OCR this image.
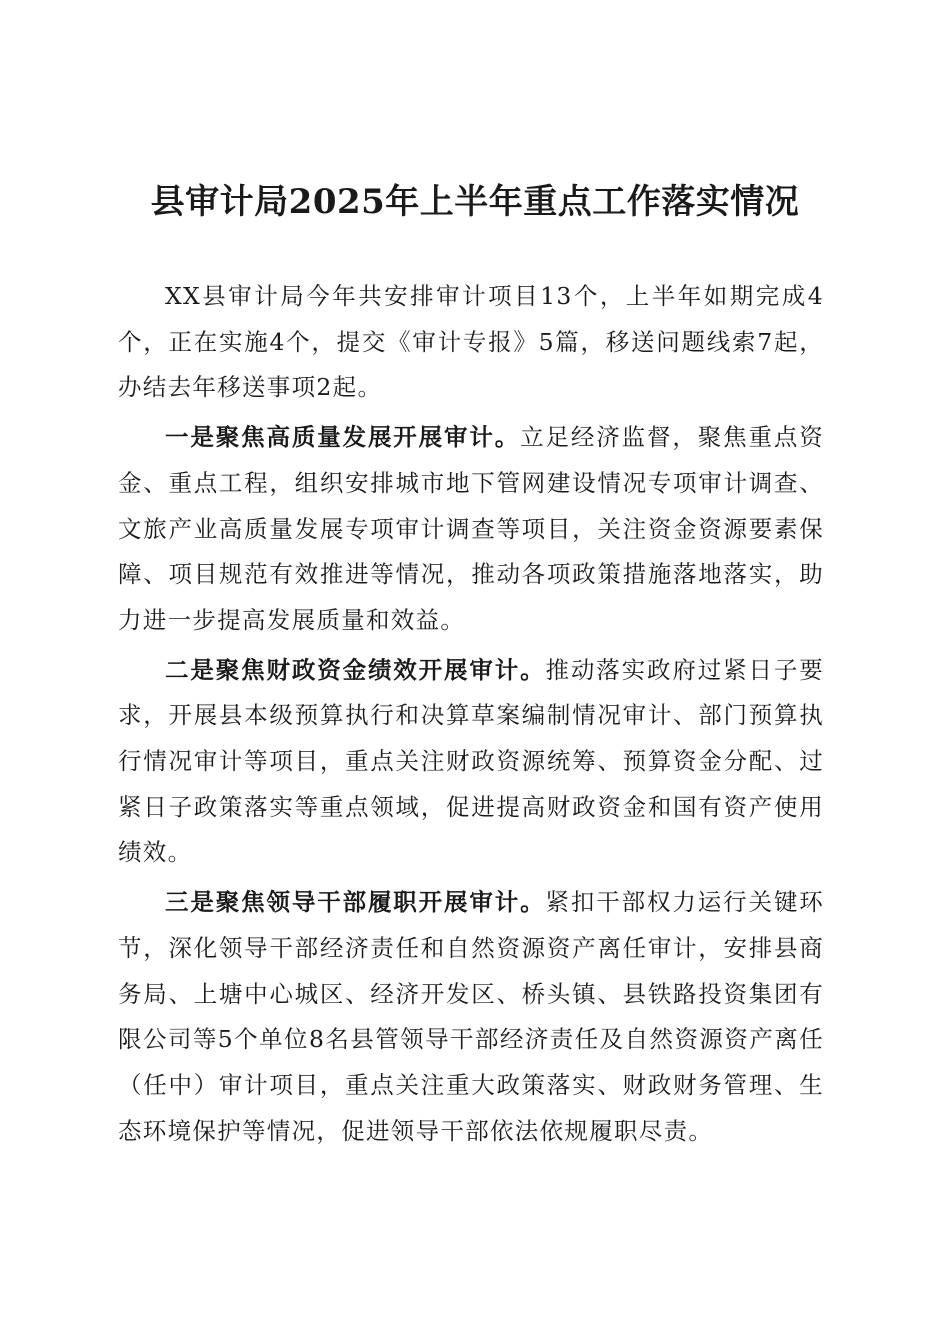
县审计局2025年上半年重点工作落实情况

XX县审计局今年共安排审计项目13个，上半年如期完成4个，正在实施4个，提交《审计专报》5篇，移送问题线索7起，办结去年移送事项2起。

一是聚焦高质量发展开展审计。立足经济监督，聚焦重点资金、重点工程，组织安排城市地下管网建设情况专项审计调查、文旅产业高质量发展专项审计调查等项目，关注资金资源要素保障、项目规范有效推进等情况，推动各项政策措施落地落实，助力进一步提高发展质量和效益。

二是聚焦财政资金绩效开展审计。推动落实政府过紧日子要求，开展县本级预算执行和决算草案编制情况审计、部门预算执行情况审计等项目，重点关注财政资源统筹、预算资金分配、过紧日子政策落实等重点领域，促进提高财政资金和国有资产使用绩效。

三是聚焦领导干部履职开展审计。紧扣干部权力运行关键环节，深化领导干部经济责任和自然资源资产离任审计，安排县商务局、上塘中心城区、经济开发区、桥头镇、县铁路投资集团有限公司等5个单位8名县管领导干部经济责任及自然资源资产离任（任中）审计项目，重点关注重大政策落实、财政财务管理、生态环境保护等情况，促进领导干部依法依规履职尽责。
